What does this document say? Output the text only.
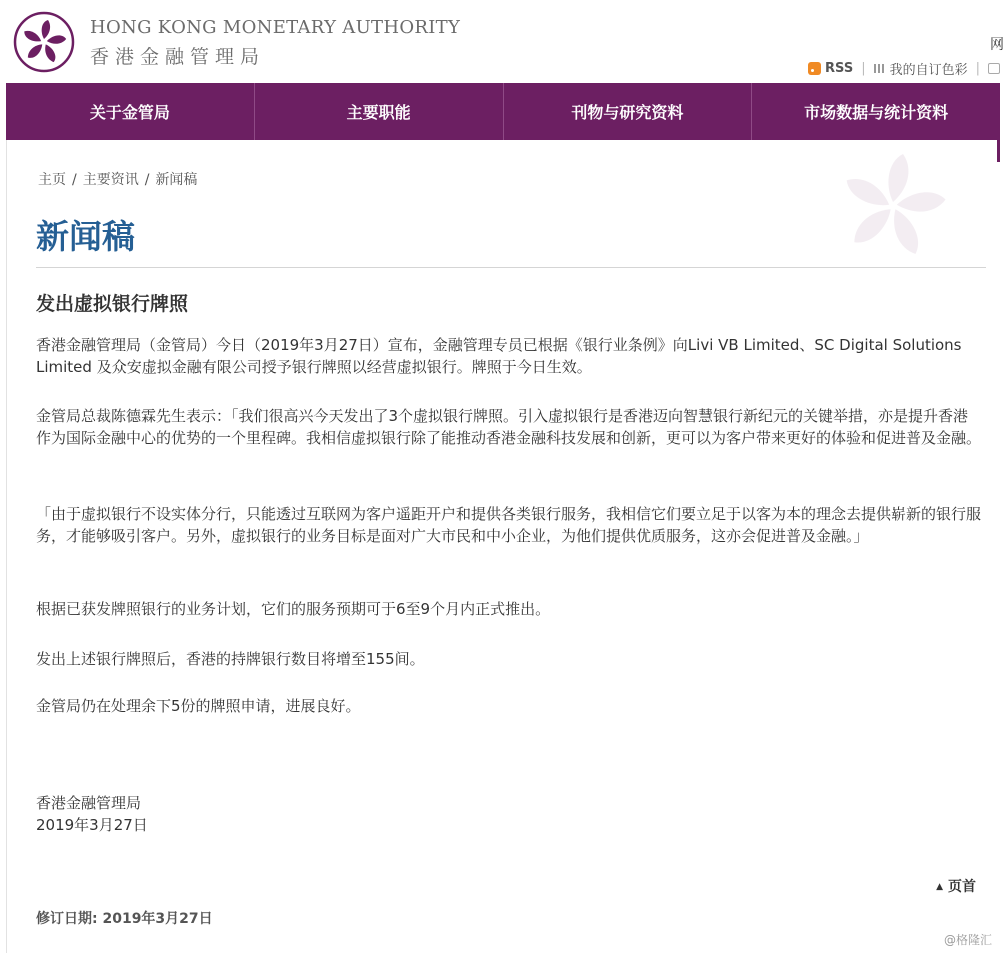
HONG KONG MONETARY AUTHORITY
香港金融管理局
网
RSS | 我的自订色彩 |
关于金管局	主要职能	刊物与研究资料	市场数据与统计资料
主页 / 主要资讯 / 新闻稿
新闻稿
发出虚拟银行牌照
香港金融管理局（金管局）今日（2019年3月27日）宣布，金融管理专员已根据《银行业条例》向Livi VB Limited、SC Digital Solutions Limited 及众安虚拟金融有限公司授予银行牌照以经营虚拟银行。牌照于今日生效。
金管局总裁陈德霖先生表示：「我们很高兴今天发出了3个虚拟银行牌照。引入虚拟银行是香港迈向智慧银行新纪元的关键举措，亦是提升香港作为国际金融中心的优势的一个里程碑。我相信虚拟银行除了能推动香港金融科技发展和创新，更可以为客户带来更好的体验和促进普及金融。
「由于虚拟银行不设实体分行，只能透过互联网为客户遥距开户和提供各类银行服务，我相信它们要立足于以客为本的理念去提供崭新的银行服务，才能够吸引客户。另外，虚拟银行的业务目标是面对广大市民和中小企业，为他们提供优质服务，这亦会促进普及金融。」
根据已获发牌照银行的业务计划，它们的服务预期可于6至9个月内正式推出。
发出上述银行牌照后，香港的持牌银行数目将增至155间。
金管局仍在处理余下5份的牌照申请，进展良好。
香港金融管理局
2019年3月27日
▲ 页首
修订日期: 2019年3月27日
@格隆汇
